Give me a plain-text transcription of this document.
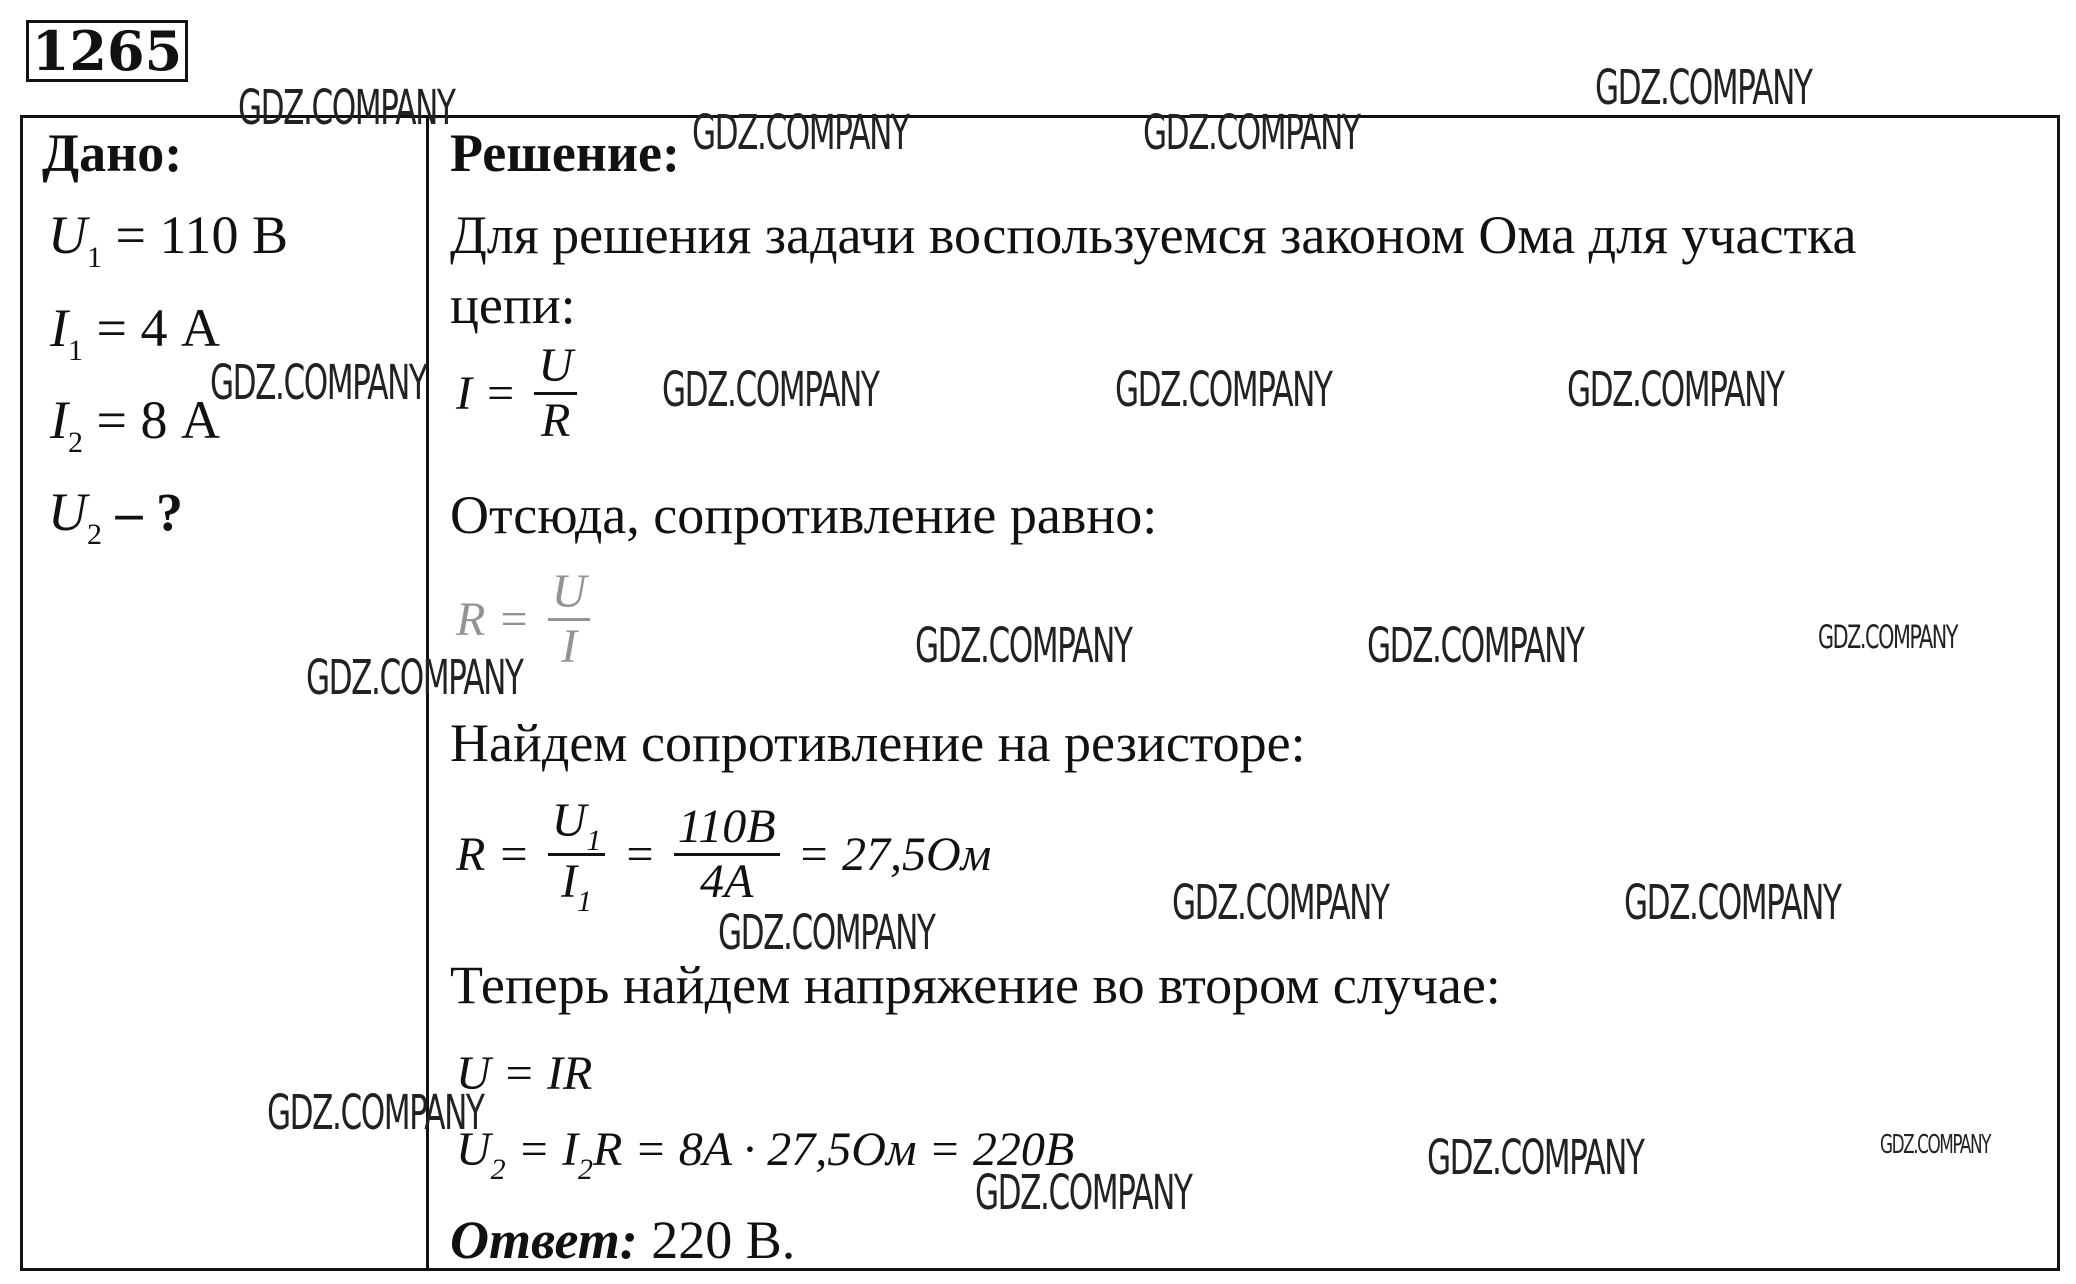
1265
Дано:
$U_1 = 110$ В
$I_1 = 4$ А
$I_2 = 8$ А
$U_2$ – ?
Решение:
Для решения задачи воспользуемся законом Ома для участка
цепи:
$I = \frac{U}{R}$
Отсюда, сопротивление равно:
$R = \frac{U}{I}$
Найдем сопротивление на резисторе:
$R = \frac{U_1}{I_1} = \frac{110B}{4A} = 27,5Ом$
Теперь найдем напряжение во втором случае:
U = IR
$U_2 = I_2R = 8A \cdot 27,5Ом = 220B$
Ответ: 220 В.
GDZ.COMPANY	GDZ.COMPANY	GDZ.COMPANY
GDZ.COMPANY
GDZ.COMPANY	GDZ.COMPANY	GDZ.COMPANY	GDZ.COMPANY
GDZ.COMPANY
GDZ.COMPANY	GDZ.COMPANY	GDZ.COMPANY
GDZ.COMPANY
GDZ.COMPANY	GDZ.COMPANY
GDZ.COMPANY
GDZ.COMPANY
GDZ.COMPANY	GDZ.COMPANY
